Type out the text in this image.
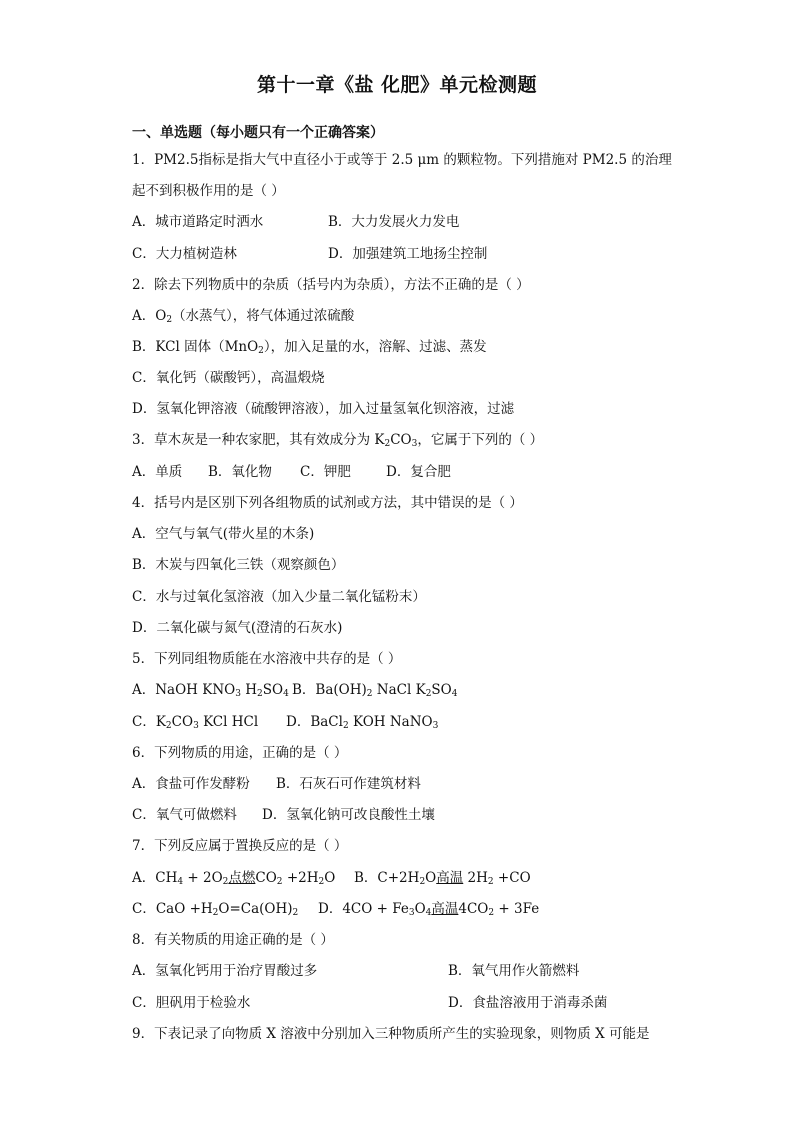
第十一章《盐 化肥》单元检测题
一、单选题（每小题只有一个正确答案）
1．PM2.5指标是指大气中直径小于或等于 2.5 μm 的颗粒物。下列措施对 PM2.5 的治理
起不到积极作用的是（ ）
A．城市道路定时洒水	B．大力发展火力发电
C．大力植树造林	D．加强建筑工地扬尘控制
2．除去下列物质中的杂质（括号内为杂质），方法不正确的是（ ）
A．$O_2$（水蒸气），将气体通过浓硫酸
B．KCl 固体（MnO$_2$），加入足量的水，溶解、过滤、蒸发
C．氧化钙（碳酸钙），高温煅烧
D．氢氧化钾溶液（硫酸钾溶液），加入过量氢氧化钡溶液，过滤
3．草木灰是一种农家肥，其有效成分为 $K_2CO_3$，它属于下列的（ ）
A．单质 B．氧化物 C．钾肥	D．复合肥
4．括号内是区别下列各组物质的试剂或方法，其中错误的是（ ）
A．空气与氧气(带火星的木条)
B．木炭与四氧化三铁（观察颜色）
C．水与过氧化氢溶液（加入少量二氧化锰粉末）
D．二氧化碳与氮气(澄清的石灰水)
5．下列同组物质能在水溶液中共存的是（ ）
A．NaOH $KNO_3$ $H_2SO_4$ B．$Ba(OH)_2$ NaCl $K_2SO_4$
C．$K_2CO_3$ KCl HCl D．BaCl$_2$ KOH NaNO$_3$
6．下列物质的用途，正确的是（ ）
A．食盐可作发酵粉 B．石灰石可作建筑材料
C．氧气可做燃料 D．氢氧化钠可改良酸性土壤
7．下列反应属于置换反应的是（ ）
A．$CH_4 + 2O_2$点燃$CO_2 +2H_2O$ B．$C+2H_2O$高温 $2H_2 +CO$
C．CaO $+H_2O=Ca(OH)_2$ D．$4CO + Fe_3O_4$高温$4CO_2 + 3Fe$
8．有关物质的用途正确的是（ ）
A．氢氧化钙用于治疗胃酸过多	B．氧气用作火箭燃料
C．胆矾用于检验水	D．食盐溶液用于消毒杀菌
9．下表记录了向物质 X 溶液中分别加入三种物质所产生的实验现象，则物质 X 可能是
